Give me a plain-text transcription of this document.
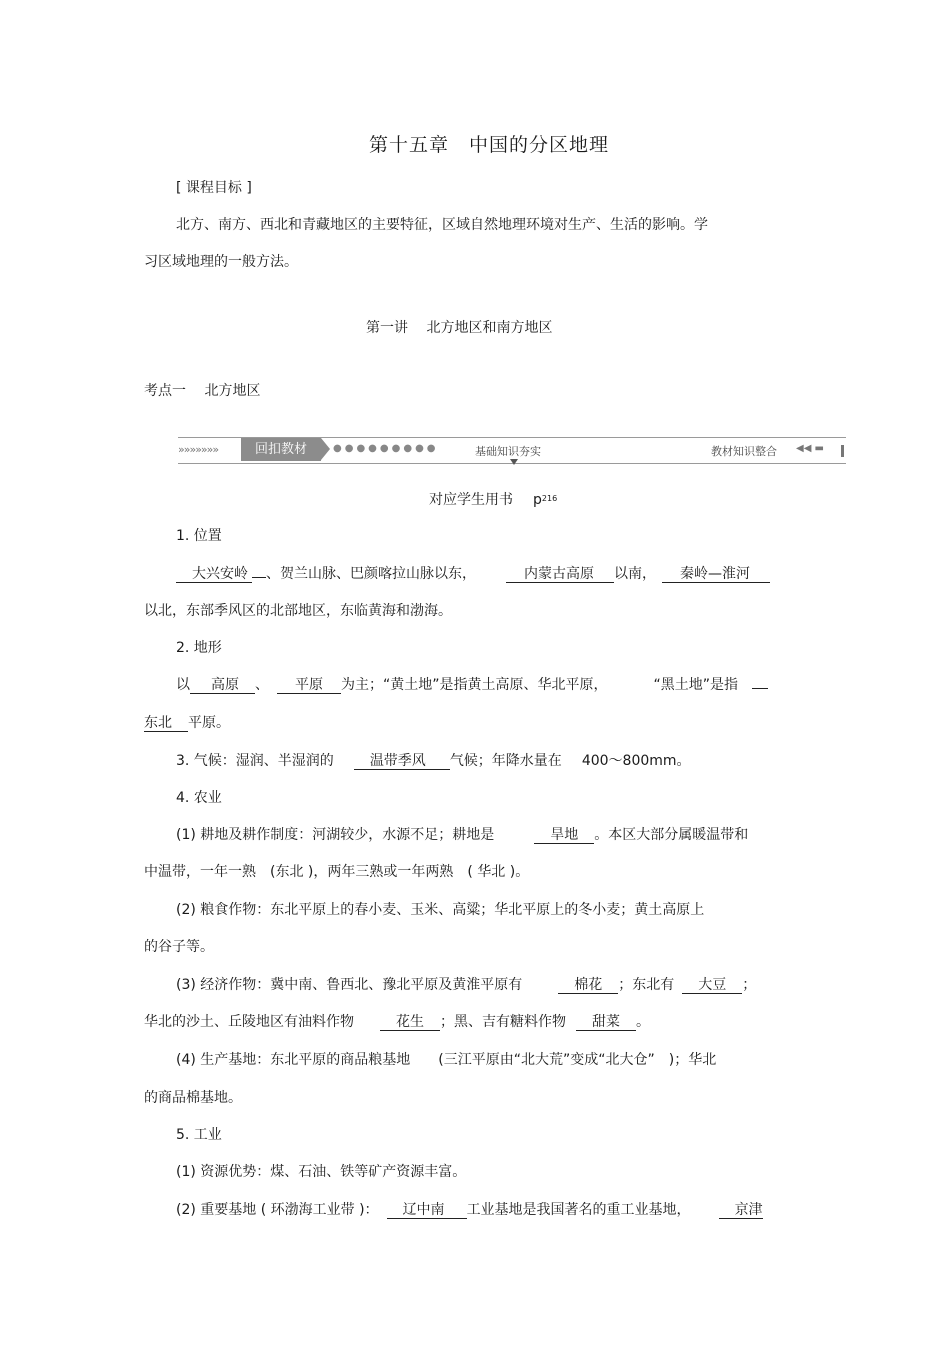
第十五章　中国的分区地理
[ 课程目标 ]
北方、南方、西北和青藏地区的主要特征，区域自然地理环境对生产、生活的影响。学
习区域地理的一般方法。
第一讲　 北方地区和南方地区
考点一　 北方地区
»»»»»»»	回扣教材	●●●●●●●●●	基础知识夯实	教材知识整合 ◀◀ ▬
对应学生用书 $p^{216}$
1. 位置
大兴安岭 、贺兰山脉、巴颜喀拉山脉以东，	内蒙古高原 以南， 秦岭—淮河
以北，东部季风区的北部地区，东临黄海和渤海。
2. 地形
以 高原 、 平原 为主；“黄土地”是指黄土高原、华北平原，	“黑土地”是指
东北 平原。
3. 气候：湿润、半湿润的	温带季风 气候；年降水量在 400～800mm。
4. 农业
(1) 耕地及耕作制度：河湖较少，水源不足；耕地是	旱地 。本区大部分属暖温带和
中温带，一年一熟　(东北 )，两年三熟或一年两熟　( 华北 )。
(2) 粮食作物：东北平原上的春小麦、玉米、高粱；华北平原上的冬小麦；黄土高原上
的谷子等。
(3) 经济作物：冀中南、鲁西北、豫北平原及黄淮平原有	棉花 ；东北有 大豆 ；
华北的沙土、丘陵地区有油料作物	花生 ；黑、吉有糖料作物 甜菜 。
(4) 生产基地：东北平原的商品粮基地　　(三江平原由“北大荒”变成“北大仓”　)；华北
的商品棉基地。
5. 工业
(1) 资源优势：煤、石油、铁等矿产资源丰富。
(2) 重要基地 ( 环渤海工业带 )： 辽中南 工业基地是我国著名的重工业基地，	京津
